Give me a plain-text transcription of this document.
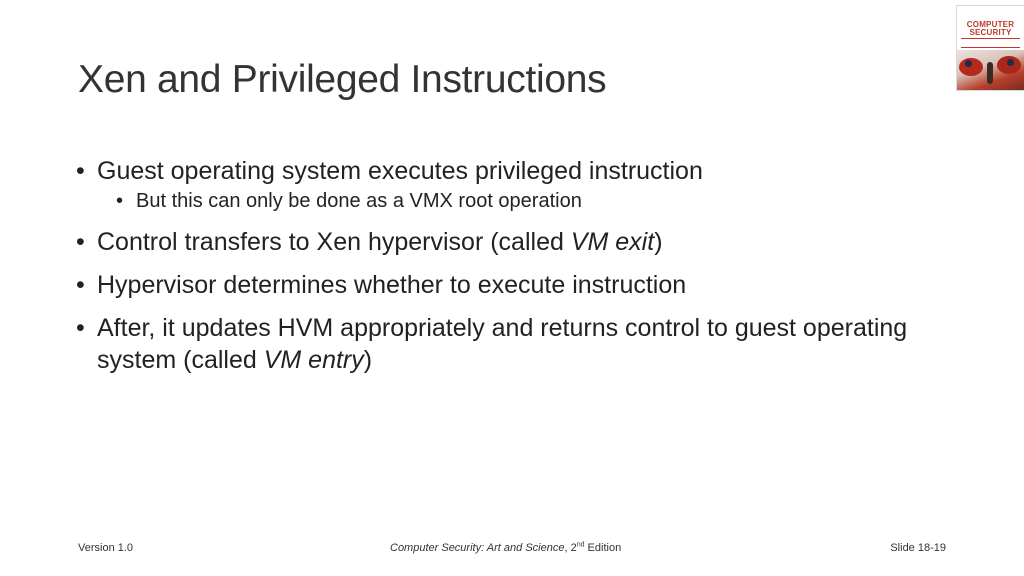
Xen and Privileged Instructions
• Guest operating system executes privileged instruction
• But this can only be done as a VMX root operation
• Control transfers to Xen hypervisor (called VM exit)
• Hypervisor determines whether to execute instruction
• After, it updates HVM appropriately and returns control to guest operating system (called VM entry)
Version 1.0	Computer Security: Art and Science, 2nd Edition	Slide 18-19
COMPUTER
SECURITY
